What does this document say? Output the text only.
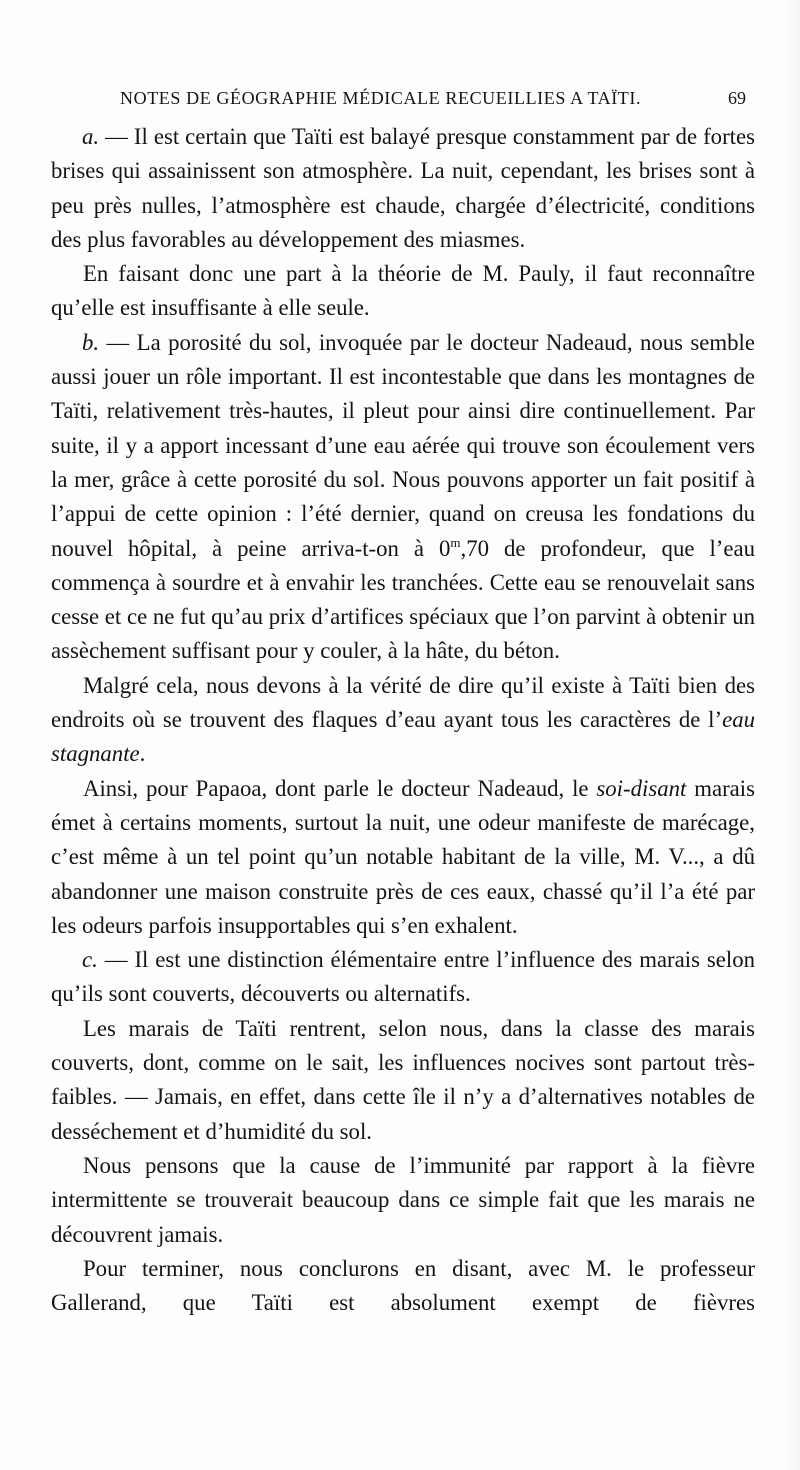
NOTES DE GÉOGRAPHIE MÉDICALE RECUEILLIES A TAÏTI.	69

a. — Il est certain que Taïti est balayé presque constamment par de fortes brises qui assainissent son atmosphère. La nuit, cependant, les brises sont à peu près nulles, l’atmosphère est chaude, chargée d’électricité, conditions des plus favorables au développement des miasmes.

En faisant donc une part à la théorie de M. Pauly, il faut reconnaître qu’elle est insuffisante à elle seule.

b. — La porosité du sol, invoquée par le docteur Nadeaud, nous semble aussi jouer un rôle important. Il est incontestable que dans les montagnes de Taïti, relativement très-hautes, il pleut pour ainsi dire continuellement. Par suite, il y a apport incessant d’une eau aérée qui trouve son écoulement vers la mer, grâce à cette porosité du sol. Nous pouvons apporter un fait positif à l’appui de cette opinion : l’été dernier, quand on creusa les fondations du nouvel hôpital, à peine arriva-t-on à 0$^m$,70 de profondeur, que l’eau commença à sourdre et à envahir les tranchées. Cette eau se renouvelait sans cesse et ce ne fut qu’au prix d’artifices spéciaux que l’on parvint à obtenir un assèchement suffisant pour y couler, à la hâte, du béton.

Malgré cela, nous devons à la vérité de dire qu’il existe à Taïti bien des endroits où se trouvent des flaques d’eau ayant tous les caractères de l’eau stagnante.

Ainsi, pour Papaoa, dont parle le docteur Nadeaud, le soi-disant marais émet à certains moments, surtout la nuit, une odeur manifeste de marécage, c’est même à un tel point qu’un notable habitant de la ville, M. V..., a dû abandonner une maison construite près de ces eaux, chassé qu’il l’a été par les odeurs parfois insupportables qui s’en exhalent.

c. — Il est une distinction élémentaire entre l’influence des marais selon qu’ils sont couverts, découverts ou alternatifs.

Les marais de Taïti rentrent, selon nous, dans la classe des marais couverts, dont, comme on le sait, les influences nocives sont partout très-faibles. — Jamais, en effet, dans cette île il n’y a d’alternatives notables de desséchement et d’humidité du sol.

Nous pensons que la cause de l’immunité par rapport à la fièvre intermittente se trouverait beaucoup dans ce simple fait que les marais ne découvrent jamais.

Pour terminer, nous conclurons en disant, avec M. le professeur Gallerand, que Taïti est absolument exempt de fièvres
